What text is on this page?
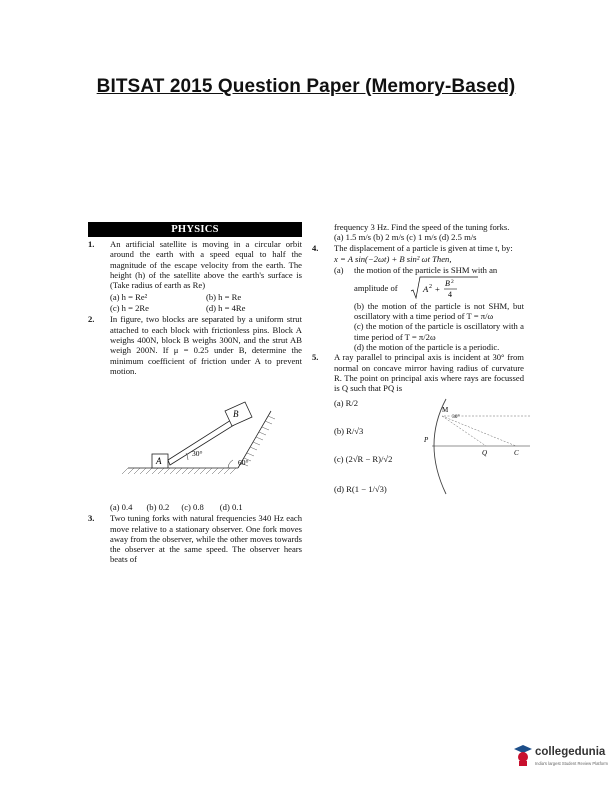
BITSAT 2015 Question Paper (Memory-Based)
PHYSICS
1. An artificial satellite is moving in a circular orbit around the earth with a speed equal to half the magnitude of the escape velocity from the earth. The height (h) of the satellite above the earth's surface is (Take radius of earth as Re)
(a) h = Re²	(b) h = Re
(c) h = 2Re	(d) h = 4Re
2. In figure, two blocks are separated by a uniform strut attached to each block with frictionless pins. Block A weighs 400N, block B weighs 300N, and the strut AB weigh 200N. If μ = 0.25 under B, determine the minimum coefficient of friction under A to prevent motion.
A
B
30°
60°
(a) 0.4 (b) 0.2 (c) 0.8 (d) 0.1
3. Two tuning forks with natural frequencies 340 Hz each move relative to a stationary observer. One fork moves away from the observer, while the other moves towards the observer at the same speed. The observer hears beats of
frequency 3 Hz. Find the speed of the tuning forks.
(a) 1.5 m/s (b) 2 m/s (c) 1 m/s (d) 2.5 m/s
4. The displacement of a particle is given at time t, by:
x = A sin(−2ωt) + B sin² ωt Then,
(a) the motion of the particle is SHM with an
amplitude of	A 2 +
B 2
4
(b) the motion of the particle is not SHM, but oscillatory with a time period of T = π/ω
(c) the motion of the particle is oscillatory with a time period of T = π/2ω
(d) the motion of the particle is a periodic.
5. A ray parallel to principal axis is incident at 30° from normal on concave mirror having radius of curvature R. The point on principal axis where rays are focussed is Q such that PQ is
(a) R/2
(b) R/√3
(c) (2√R − R)/√2
(d) R(1 − 1/√3)
M
30°
P
Q	C
collegedunia
India's largest Student Review Platform
